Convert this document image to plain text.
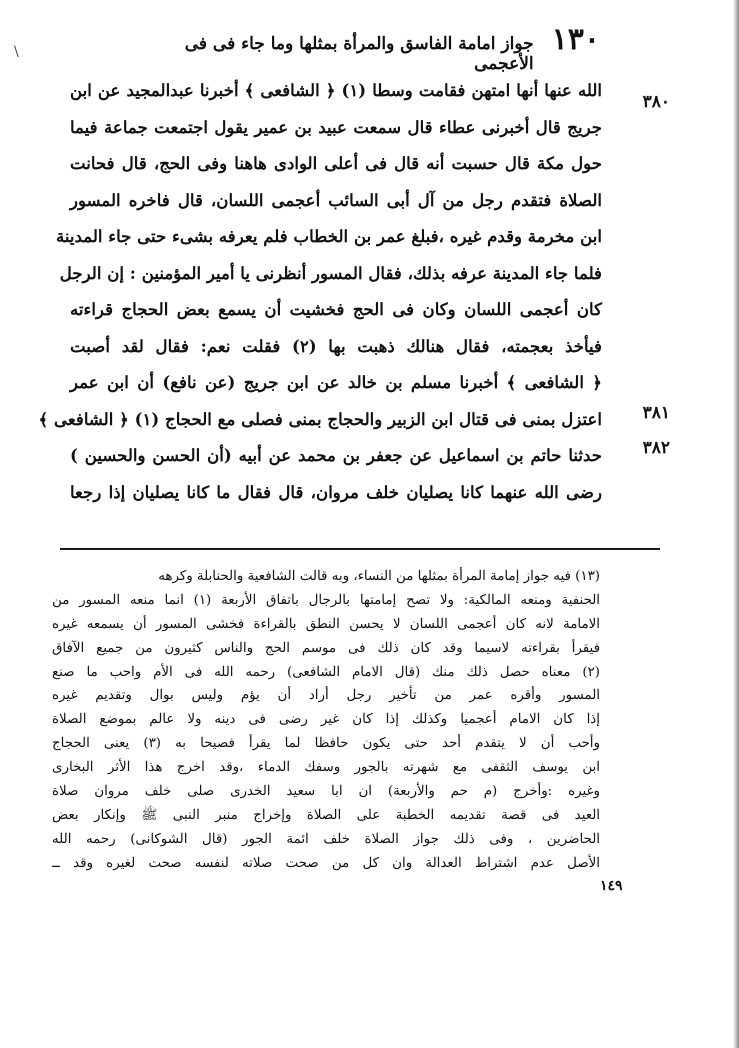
\	١٣٠
جواز امامة الفاسق والمرأة بمثلها وما جاء فى فى الأعجمى
٣٨٠
٣٨١
٣٨٢
الله عنها أنها امتهن فقامت وسطا (١) ﴿ الشافعى ﴾ أخبرنا عبدالمجيد عن ابن
جريج قال أخبرنى عطاء قال سمعت عبيد بن عمير يقول اجتمعت جماعة فيما
حول مكة قال حسبت أنه قال فى أعلى الوادى هاهنا وفى الحج، قال فحانت
الصلاة فتقدم رجل من آل أبى السائب أعجمى اللسان، قال فاخره المسور
ابن مخرمة وقدم غيره ،فبلغ عمر بن الخطاب فلم يعرفه بشىء حتى جاء المدينة
فلما جاء المدينة عرفه بذلك، فقال المسور أنظرنى يا أمير المؤمنين : إن الرجل
كان أعجمى اللسان وكان فى الحج فخشيت أن يسمع بعض الحجاج قراءته
فيأخذ بعجمته، فقال هنالك ذهبت بها (٢) فقلت نعم: فقال لقد أصبت
﴿ الشافعى ﴾ أخبرنا مسلم بن خالد عن ابن جريج (عن نافع) أن ابن عمر
اعتزل بمنى فى قتال ابن الزبير والحجاج بمنى فصلى مع الحجاج (١) ﴿ الشافعى ﴾
حدثنا حاتم بن اسماعيل عن جعفر بن محمد عن أبيه (أن الحسن والحسين )
رضى الله عنهما كانا يصليان خلف مروان، قال فقال ما كانا يصليان إذا رجعا
(١٣) فيه جواز إمامة المرأة بمثلها من النساء، وبه قالت الشافعية والحنابلة وكرهه
الحنفية ومنعه المالكية: ولا تصح إمامتها بالرجال باتفاق الأربعة (١) انما منعه المسور من
الامامة لانه كان أعجمى اللسان لا يحسن النطق بالقراءة فخشى المسور أن يسمعه غيره
فيقرأ بقراءته لاسيما وقد كان ذلك فى موسم الحج والناس كثيرون من جميع الآفاق
(٢) معناه حصل ذلك منك (قال الامام الشافعى) رحمه الله فى الأم واحب ما صنع
المسور وأقره عمر من تأخير رجل أراد أن يؤم وليس بوال وتقديم غيره
إذا كان الامام أعجميا وكذلك إذا كان غير رضى فى دينه ولا عالم بموضع الصلاة
وأحب أن لا يتقدم أحد حتى يكون حافظا لما يقرأ فصيحا به (٣) يعنى الحجاج
ابن يوسف الثقفى مع شهرته بالجور وسفك الدماء ،وقد اخرج هذا الأثر البخارى
وغيره :وأخرج (م حم والأربعة) ان ابا سعيد الخدرى صلى خلف مروان صلاة
العيد فى قصة تقديمه الخطبة على الصلاة وإخراج منبر النبى ﷺ وإنكار بعض
الحاضرين ، وفى ذلك جواز الصلاة خلف ائمة الجور (قال الشوكانى) رحمه الله
الأصل عدم اشتراط العدالة وان كل من صحت صلاته لنفسه صحت لغيره وقد ــ
١٤٩
